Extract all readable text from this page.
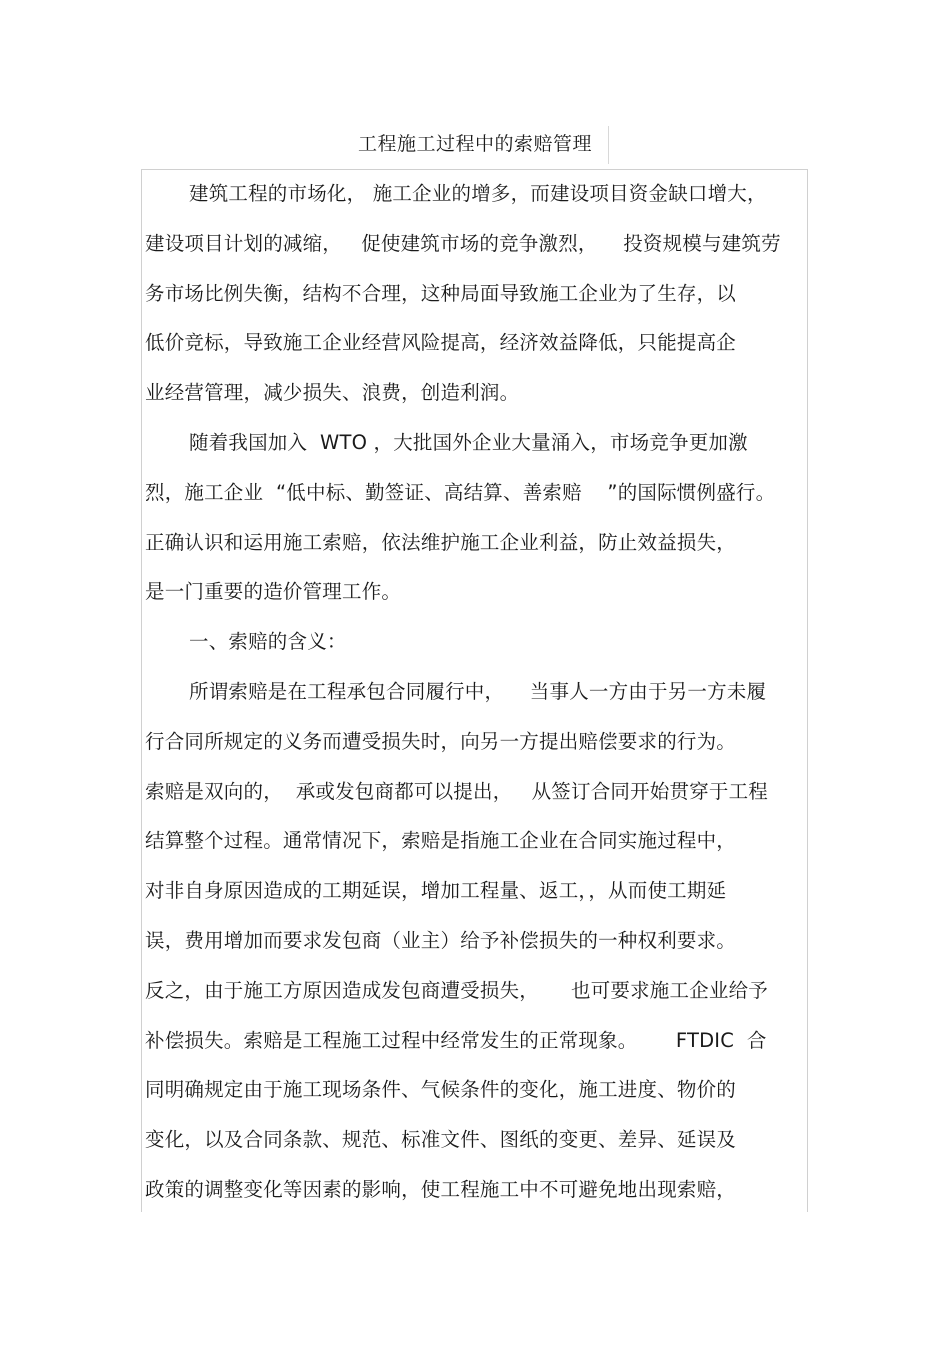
工程施工过程中的索赔管理
建筑工程的市场化， 施工企业的增多，而建设项目资金缺口增大，
建设项目计划的减缩，   促使建筑市场的竞争激烈，    投资规模与建筑劳
务市场比例失衡，结构不合理，这种局面导致施工企业为了生存，以
低价竞标，导致施工企业经营风险提高，经济效益降低，只能提高企
业经营管理，减少损失、浪费，创造利润。
随着我国加入  WTO ，大批国外企业大量涌入，市场竞争更加激
烈，施工企业  “低中标、勤签证、高结算、善索赔    ”的国际惯例盛行。
正确认识和运用施工索赔，依法维护施工企业利益，防止效益损失，
是一门重要的造价管理工作。
一、索赔的含义：
所谓索赔是在工程承包合同履行中，    当事人一方由于另一方未履
行合同所规定的义务而遭受损失时，向另一方提出赔偿要求的行为。
索赔是双向的，  承或发包商都可以提出，   从签订合同开始贯穿于工程
结算整个过程。通常情况下，索赔是指施工企业在合同实施过程中，
对非自身原因造成的工期延误，增加工程量、返工，，从而使工期延
误，费用增加而要求发包商（业主）给予补偿损失的一种权利要求。
反之，由于施工方原因造成发包商遭受损失，     也可要求施工企业给予
补偿损失。索赔是工程施工过程中经常发生的正常现象。      FTDIC  合
同明确规定由于施工现场条件、气候条件的变化，施工进度、物价的
变化，以及合同条款、规范、标准文件、图纸的变更、差异、延误及
政策的调整变化等因素的影响，使工程施工中不可避免地出现索赔，
